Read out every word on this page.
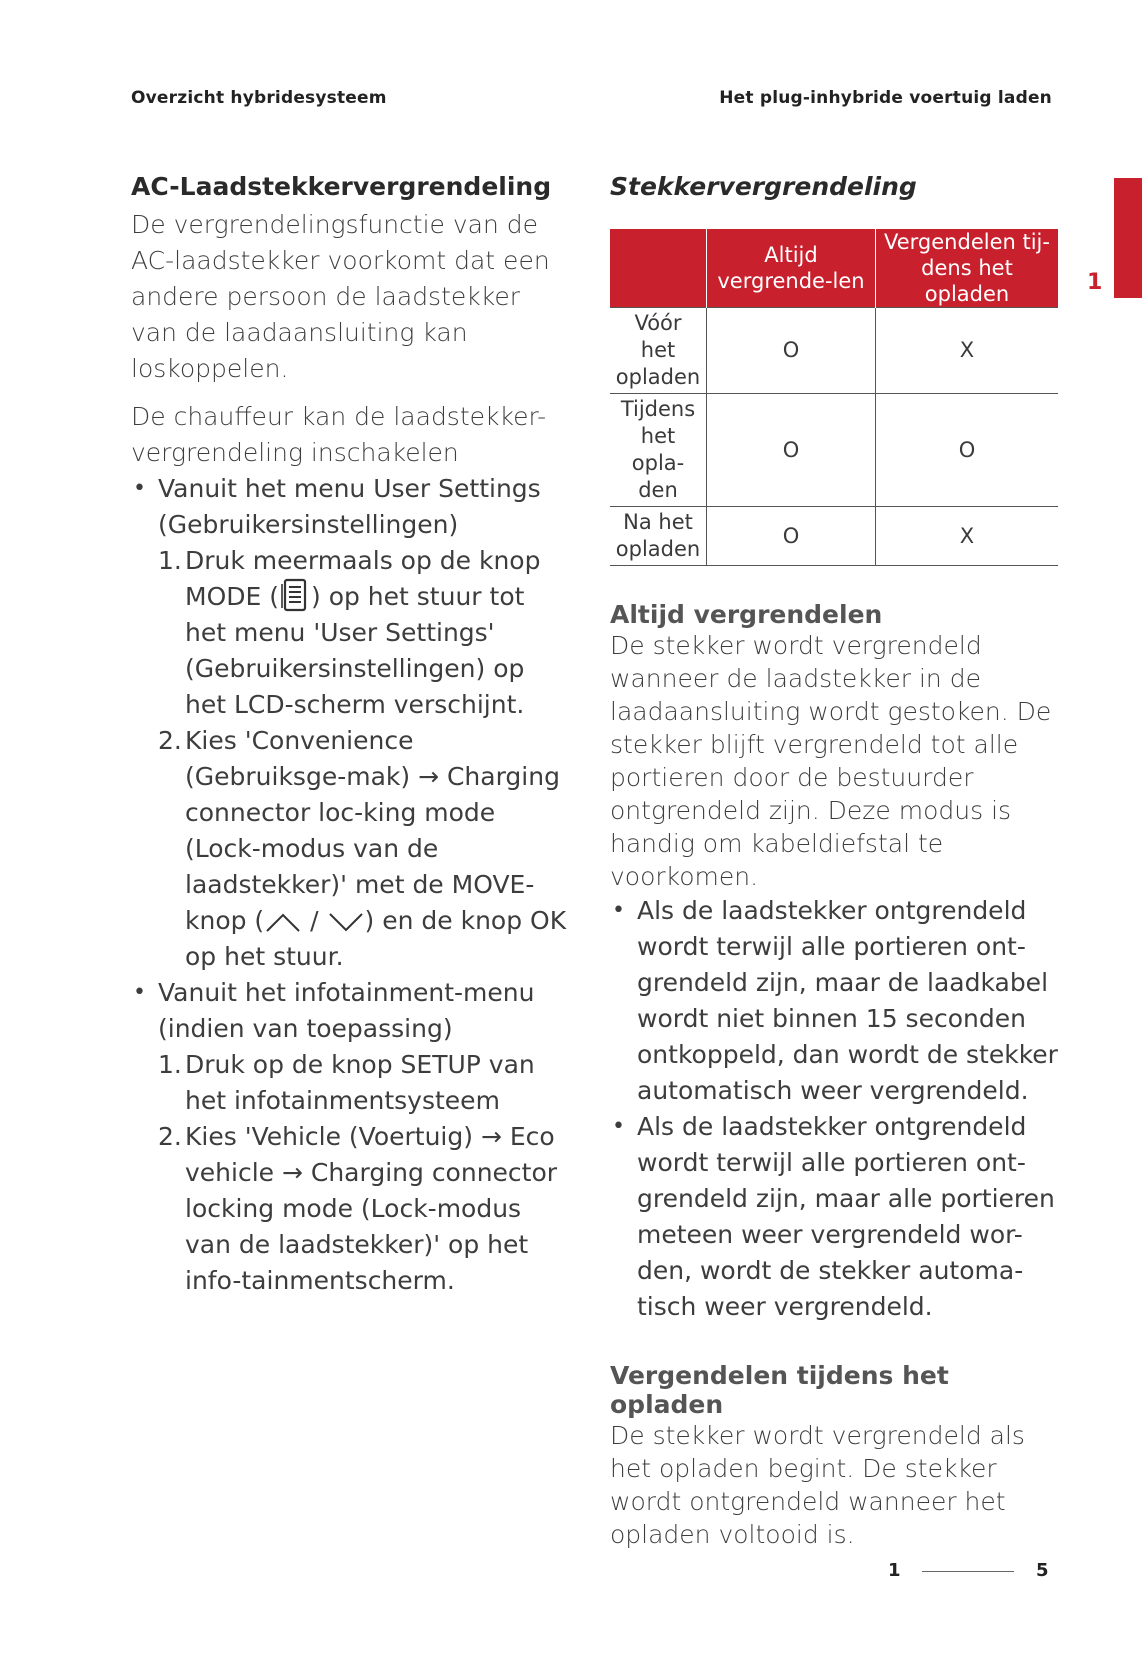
Overzicht hybridesysteem	Het plug-inhybride voertuig laden
1
AC-Laadstekkervergrendeling

De vergrendelingsfunctie van de AC-laadstekker voorkomt dat een andere persoon de laadstekker van de laadaansluiting kan loskoppelen.

De chauffeur kan de laadstekker-vergrendeling inschakelen

• Vanuit het menu User Settings (Gebruikersinstellingen)
1. Druk meermaals op de knop MODE ( ) op het stuur tot het menu 'User Settings' (Gebruikersinstellingen) op het LCD-scherm verschijnt.
2. Kies 'Convenience (Gebruiksge-mak) → Charging connector loc-king mode (Lock-modus van de laadstekker)' met de MOVE-knop ( / ) en de knop OK op het stuur.
• Vanuit het infotainment-menu (indien van toepassing)
1. Druk op de knop SETUP van het infotainmentsysteem
2. Kies 'Vehicle (Voertuig) → Eco vehicle → Charging connector locking mode (Lock-modus van de laadstekker)' op het info-tainmentscherm.
Stekkervergrendeling
	Altijd vergrende-len	Vergendelen tij-dens het opladen
Vóór het opladen	O	X
Tijdens het opla-den	O	O
Na het opladen	O	X
Altijd vergrendelen

De stekker wordt vergrendeld wanneer de laadstekker in de laadaansluiting wordt gestoken. De stekker blijft vergrendeld tot alle portieren door de bestuurder ontgrendeld zijn. Deze modus is handig om kabeldiefstal te voorkomen.

• Als de laadstekker ontgrendeld wordt terwijl alle portieren ont-grendeld zijn, maar de laadkabel wordt niet binnen 15 seconden ontkoppeld, dan wordt de stekker automatisch weer vergrendeld.
• Als de laadstekker ontgrendeld wordt terwijl alle portieren ont-grendeld zijn, maar alle portieren meteen weer vergrendeld wor-den, wordt de stekker automa-tisch weer vergrendeld.
Vergendelen tijdens het opladen

De stekker wordt vergrendeld als het opladen begint. De stekker wordt ontgrendeld wanneer het opladen voltooid is.

1	5
